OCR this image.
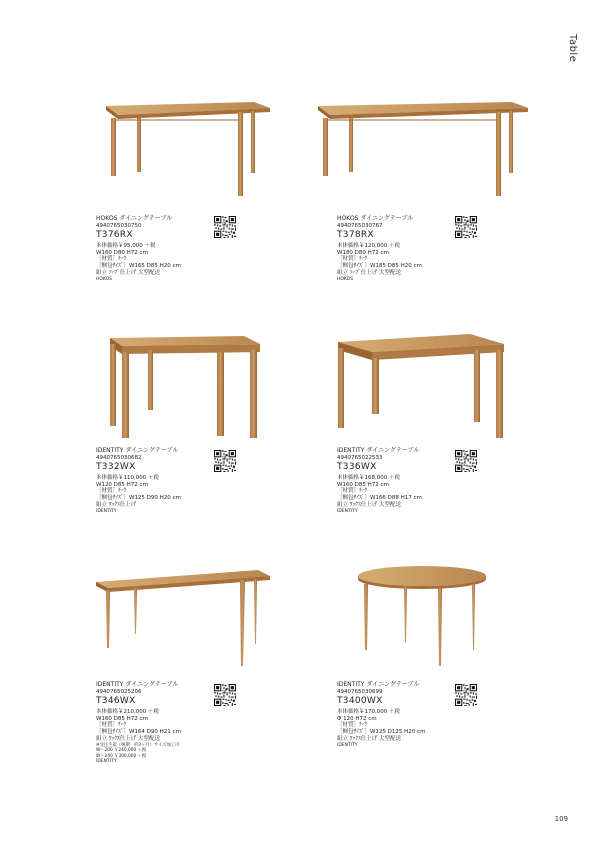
Table
HOKOS ダイニングテーブル
4940765030750
T376RX
本体価格￥95,000 ＋税
W160 D80 H72 cm
［材質］ﾁｰｸ
［梱包ｻｲｽﾞ］W165 D85 H20 cm
組立 ｿｰﾌﾟ仕上げ 大型配送
HOKOS
HOKOS ダイニングテーブル
4940765030767
T378RX
本体価格￥120,000 ＋税
W180 D80 H72 cm
［材質］ﾁｰｸ
［梱包ｻｲｽﾞ］W185 D85 H20 cm
組立 ｿｰﾌﾟ仕上げ 大型配送
HOKOS
IDENTITY ダイニングテーブル
4940765030682
T332WX
本体価格￥110,000 ＋税
W120 D85 H72 cm
［材質］ﾁｰｸ
［梱包ｻｲｽﾞ］W125 D90 H20 cm
組立 ﾜｯｸｽ仕上げ
IDENTITY
IDENTITY ダイニングテーブル
4940765022533
T336WX
本体価格￥168,000 ＋税
W160 D85 H72 cm
［材質］ﾁｰｸ
［梱包ｻｲｽﾞ］W166 D88 H17 cm
組立 ﾜｯｸｽ仕上げ 大型配送
IDENTITY
IDENTITY ダイニングテーブル
4940765025206
T346WX
本体価格￥210,000 ＋税
W160 D85 H72 cm
［材質］ﾁｰｸ
［梱包ｻｲｽﾞ］W164 D90 H21 cm
組立 ﾜｯｸｽ仕上げ 大型配送
※受注生産（納期：約3ヶ月）サイズ加工可
W～200 ￥240,000 ＋税
W～240 ￥300,000 ＋税
IDENTITY
IDENTITY ダイニングテーブル
4940765030699
T3400WX
本体価格￥170,000 ＋税
Φ 120 H72 cm
［材質］ﾁｰｸ
［梱包ｻｲｽﾞ］W125 D125 H20 cm
組立 ﾜｯｸｽ仕上げ 大型配送
IDENTITY
109
